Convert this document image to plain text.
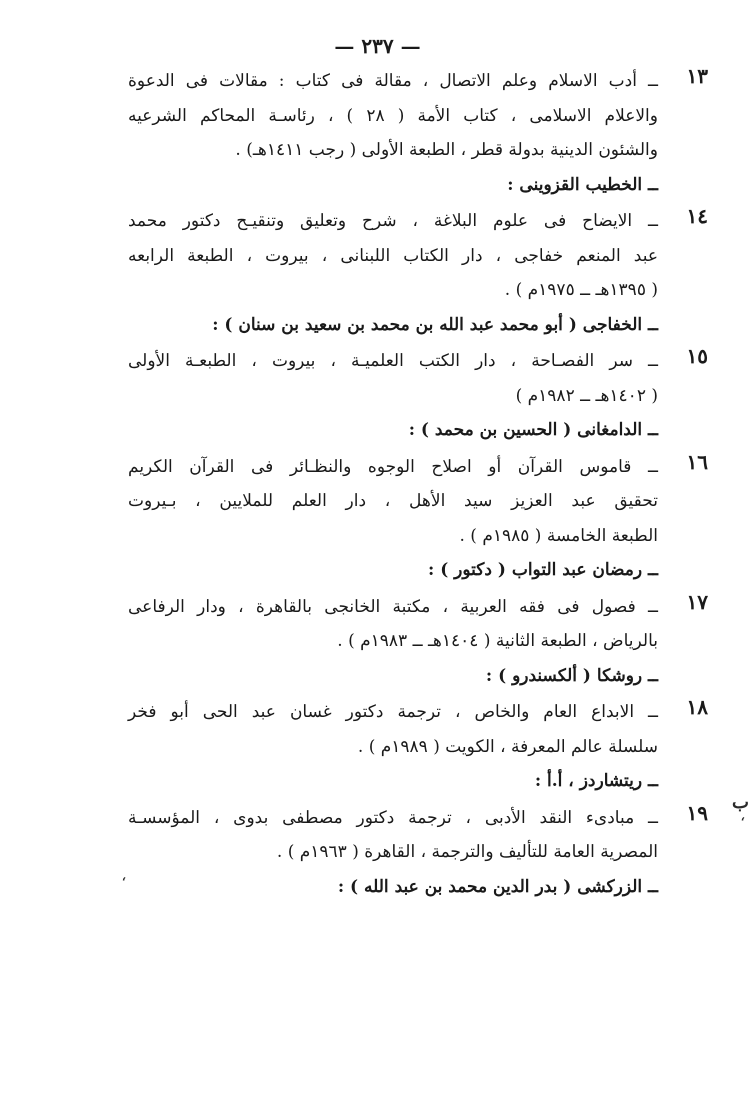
— ٢٣٧ —
١٣
ــ أدب الاسلام وعلم الاتصال ، مقالة فى كتاب : مقالات فى الدعوة
والاعلام الاسلامى ، كتاب الأمة ( ٢٨ ) ، رئاسـة المحاكم الشرعيه
والشئون الدينية بدولة قطر ، الطبعة الأولى ( رجب ١٤١١هـ) .
ــ الخطيب القزوينى :
١٤
ــ الايضاح فى علوم البلاغة ، شرح وتعليق وتنقيـح دكتور محمد
عبد المنعم خفاجى ، دار الكتاب اللبنانى ، بيروت ، الطبعة الرابعه
( ١٣٩٥هـ ــ ١٩٧٥م ) .
ــ الخفاجى ( أبو محمد عبد الله بن محمد بن سعيد بن سنان ) :
١٥
ــ سر الفصـاحة ، دار الكتب العلميـة ، بيروت ، الطبعـة الأولى
( ١٤٠٢هـ ــ ١٩٨٢م )
ــ الدامغانى ( الحسين بن محمد ) :
١٦
ــ قاموس القرآن أو اصلاح الوجوه والنظـائر فى القرآن الكريم
تحقيق عبد العزيز سيد الأهل ، دار العلم للملايين ، بـيروت
الطبعة الخامسة ( ١٩٨٥م ) .
ــ رمضان عبد التواب ( دكتور ) :
١٧
ــ فصول فى فقه العربية ، مكتبة الخانجى بالقاهرة ، ودار الرفاعى
بالرياض ، الطبعة الثانية ( ١٤٠٤هـ ــ ١٩٨٣م ) .
ــ روشكا ( ألكسندرو ) :
١٨
ــ الابداع العام والخاص ، ترجمة دكتور غسان عبد الحى أبو فخر
سلسلة عالم المعرفة ، الكويت ( ١٩٨٩م ) .
ــ ريتشاردز ، أ.أ :
١٩
ــ مبادىء النقد الأدبى ، ترجمة دكتور مصطفى بدوى ، المؤسسـة
المصرية العامة للتأليف والترجمة ، القاهرة ( ١٩٦٣م ) .
ــ الزركشى ( بدر الدين محمد بن عبد الله ) :
ب
ʻ
ʻ
